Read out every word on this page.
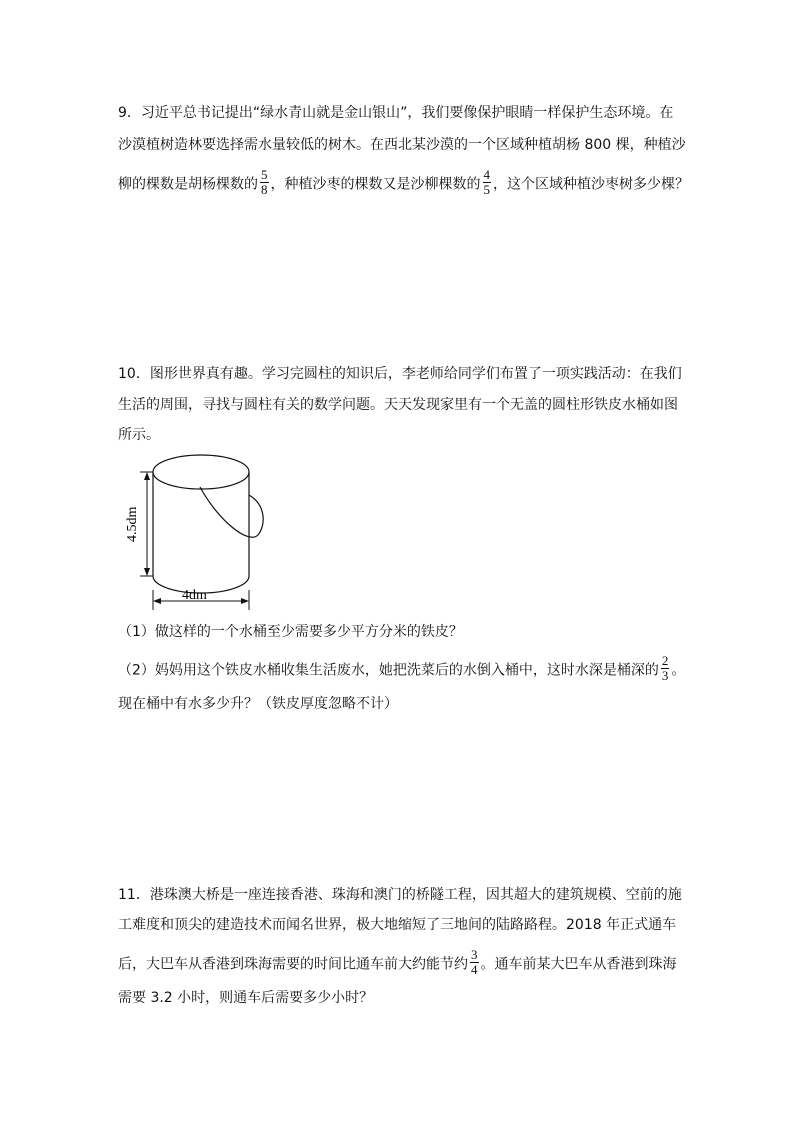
9．习近平总书记提出“绿水青山就是金山银山”，我们要像保护眼睛一样保护生态环境。在
沙漠植树造林要选择需水量较低的树木。在西北某沙漠的一个区域种植胡杨 800 棵，种植沙
柳的棵数是胡杨棵数的 $\frac{5}{8}$ ，种植沙枣的棵数又是沙柳棵数的 $\frac{4}{5}$ ，这个区域种植沙枣树多少棵？
10．图形世界真有趣。学习完圆柱的知识后，李老师给同学们布置了一项实践活动：在我们
生活的周围，寻找与圆柱有关的数学问题。天天发现家里有一个无盖的圆柱形铁皮水桶如图
所示。
4.5dm
4dm
（1）做这样的一个水桶至少需要多少平方分米的铁皮？
（2）妈妈用这个铁皮水桶收集生活废水，她把洗菜后的水倒入桶中，这时水深是桶深的 $\frac{2}{3}$ 。
现在桶中有水多少升？（铁皮厚度忽略不计）
11．港珠澳大桥是一座连接香港、珠海和澳门的桥隧工程，因其超大的建筑规模、空前的施
工难度和顶尖的建造技术而闻名世界，极大地缩短了三地间的陆路路程。2018 年正式通车
后，大巴车从香港到珠海需要的时间比通车前大约能节约 $\frac{3}{4}$ 。通车前某大巴车从香港到珠海
需要 3.2 小时，则通车后需要多少小时？
